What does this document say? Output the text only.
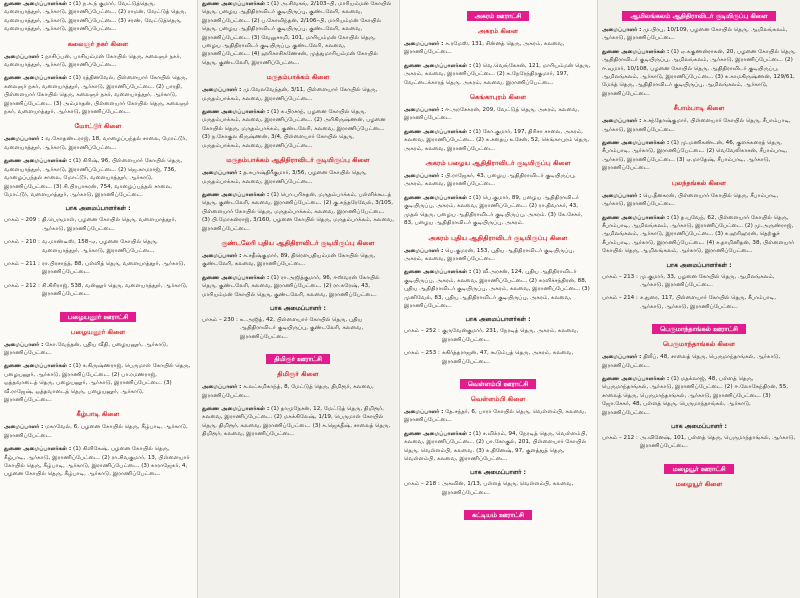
துணை அமைப்பாளர்கள் : (1) ந.க.ந் குமார், வேட்டுத்தெரு, வளையாத்தூர், ஆர்காடு, இராணிப்பேட்டை. (2) ராமன், வேட்டுத் தெரு, வளையாத்தூர், ஆர்காடு, இராணிப்பேட்டை. (3) சரண், வேட்டுத்தெரு, வளையாத்தூர், ஆர்காடு, இராணிப்பேட்டை.
கலைஞர் நகர் கிளை
அமைப்பாளர் : நாசிப்பன், பாசியம்மன் கோயில் தெரு, கலைஞர் நகர், வளையாத்தூர், ஆர்காடு, இராணிப்பேட்டை.
துணை அமைப்பாளர்கள் : (1) ரத்தினவேல், பிள்ளையார் கோயில் தெரு, கலைஞர் நகர், வளையாத்தூர், ஆர்காடு, இராணிப்பேட்டை. (2) பாரதி, பிள்ளையார் கோயில் தெரு, கலைஞர் நகர், வளையாத்தூர், ஆர்காடு, இராணிப்பேட்டை. (3) அம்மாதன், பிள்ளையார் கோயில் தெரு, கலைஞர் நகர், வளையாத்தூர், ஆர்காடு, இராணிப்பேட்டை.
மோட்டூர் கிளை
அமைப்பாளர் : வ.கோதண்டராஜ், 18, வாழைப்பந்தல் சாலை, மோட்டூர், வளையாத்தூர், ஆர்காடு, இராணிப்பேட்டை.
துணை அமைப்பாளர்கள் : (1) கிரிஷ், 96, பிள்ளையார் கோயில் தெரு, வளையாத்தூர், ஆர்காடு, இராணிப்பேட்டை. (2) ஜெ.காமராஜ், 736, வாழைப்பந்தல் சாலை, மோட்டூர், வளையாத்தூர், ஆர்காடு, இராணிப்பேட்டை. (3) சி.பிரபாகரன், 754, வாழைப்பந்தல் சாலை, மோட்டூர், வளையாத்தூர், ஆர்காடு, இராணிப்பேட்டை.
பாக அமைப்பாளர்கள் :
பாகம் – 209 : தி.பெருமாள், பழனை கோயில் தெரு, வளையாத்தூர், ஆர்காடு, இராணிப்பேட்டை.
பாகம் – 210 : வ.மாண்டீஸ், 158–ஏ, பழனை கோயில் தெரு, வளையாத்தூர், ஆர்காடு, இராணிப்பேட்டை.
பாகம் – 211 : ரா.பிரசாந்த், 88, பள்ளித் தெரு, வளையாத்தூர், ஆர்காடு, இராணிப்பேட்டை.
பாகம் – 212 : சி.கிரிராஜ், 538, வன்னூர் தெரு, வளையாத்தூர், ஆர்காடு, இராணிப்பேட்டை.
பழையனூர் ஊராட்சி
பழையனூர் கிளை
அமைப்பாளர் : கோ.வேந்தன், புதிய வீதி, பழையனூர், ஆர்காடு, இராணிப்பேட்டை.
துணை அமைப்பாளர்கள் : (1) ச.கிருஷ்ணராஜ், பெருமாள் கோயில் தெரு, பழையனூர், ஆர்காடு, இராணிப்பேட்டை. (2) பா.ரமணராஜ், ஒத்தவாடைத் தெரு, பழையனூர், ஆர்காடு, இராணிப்பேட்டை. (3) வீ.ராஜேஷ், ஒத்தவாடைத் தெரு, பழையனூர், ஆர்காடு, இராணிப்பேட்டை.
கீழ்பாடி கிளை
அமைப்பாளர் : மகாவேல், 6, பழனை கோயில் தெரு, கீழ்பாடி, ஆர்காடு, இராணிப்பேட்டை.
துணை அமைப்பாளர்கள் : (1) கிளிகேஷ், பழனை கோயில் தெரு, கீழ்பாடி, ஆர்காடு, இராணிப்பேட்டை. (2) ரா.சிவகுமார், 13, பிள்ளையார் கோயில் தெரு, கீழ்பாடி, ஆர்காடு, இராணிப்பேட்டை. (3) காராஜேகர், 4, பழனை கோயில் தெரு, கீழ்பாடி, ஆர்காடு, இராணிப்பேட்டை.
துணை அமைப்பாளர்கள் : (1) அ.சிவகங், 2/103–பி, மாரியம்மன் கோயில் தெரு, பழைய ஆதிதிராவிடர் குடியிருப்பு, குண்டலேரி, கலவை, இராணிப்பேட்டை. (2) ப.கோவிந்தன், 2/106–பி, மாரியம்மன் கோயில் தெரு, பழைய ஆதிதிராவிடர் குடியிருப்பு, குண்டலேரி, கலவை, இராணிப்பேட்டை. (3) வேலுசாமி, 101, மாரியம்மன் கோயில் தெரு, பழைய ஆதிதிராவிடர் குடியிருப்பு, குண்டலேரி, கலவை, இராணிப்பேட்டை. (4) ஹரிகாசிகணேசன், முத்துமாரியம்மன் கோயில் தெரு, குண்டலேரி, இராணிப்பேட்டை.
மருதம்பாக்கம் கிளை
அமைப்பாளர் : மு.வேலவேந்தன், 3/11, பிள்ளையார் கோயில் தெரு, மருதம்பாக்கம், கலவை, இராணிப்பேட்டை.
துணை அமைப்பாளர்கள் : (1) சு.பிரசாந், பழனை கோயில் தெரு, மருதம்பாக்கம், கலவை, இராணிப்பேட்டை. (2) அரிகிருஷ்ணன், பழனை கோயில் தெரு, மருதம்பாக்கம், குண்டலேரி, கலவை, இராணிப்பேட்டை. (3) ந.கோகுல கிருஷ்ணன், 3/4, பிள்ளையார் கோயில் தெரு, மருதம்பாக்கம், கலவை, இராணிப்பேட்டை.
மருதம்பாக்கம் ஆதிதிராவிடர் குடியிருப்பு கிளை
அமைப்பாளர் : த.சுபாஷ்திரீகுமார், 3/56, பழனை கோயில் தெரு, மருதம்பாக்கம், கலவை, இராணிப்பேட்டை.
துணை அமைப்பாளர்கள் : (1) பொ.பரிசுதன், மருதம்பாக்கம், பள்ளிக்கூடத் தெரு, குண்டலேரி, கலவை, இராணிப்பேட்டை. (2) கு.சுந்தரேவேல், 3/105, பிள்ளையார் கோயில் தெரு, மருதம்பாக்கம், கலவை, இராணிப்பேட்டை. (3) பி.மோகன்ராஜ், 3/160, பழனை கோயில் தெரு, மருதம்பாக்கம், கலவை, இராணிப்பேட்டை.
குண்டலேரி புதிய ஆதிதிராவிடர் குடியிருப்பு கிளை
அமைப்பாளர் : சு.சதீஷ்குமார், 89, திரௌபதியம்மன் கோயில் தெரு, குண்டலேரி, கலவை, இராணிப்பேட்டை.
துணை அமைப்பாளர்கள் : (1) ரா.அஜித்குமார், 96, ஈஸ்வரன் கோயில் தெரு, குண்டலேரி, கலவை, இராணிப்பேட்டை. (2) ரா.சுரேஷ், 43, மாரியம்மன் கோயில் தெரு, குண்டலேரி, கலவை, இராணிப்பேட்டை.
பாக அமைப்பாளர் :
பாகம் – 230 : உ.அஜித், 42, பிள்ளையார் கோயில் தெரு, புதிய ஆதிதிராவிடர் குடியிருப்பு, குண்டலேரி, கலவை, இராணிப்பேட்டை.
திமிரூர் ஊராட்சி
திமிரூர் கிளை
அமைப்பாளர் : க.லட்சுமிகாந்த், 8, மேட்டுத் தெரு, திமிரூர், கலவை, இராணிப்பேட்டை.
துணை அமைப்பாளர்கள் : (1) தாமுநேசன், 12, மேட்டுத் தெரு, திமிரூர், கலவை, இராணிப்பேட்டை. (2) மகக்கிலேஷ், 1/19, பெருமாள் கோயில் தெரு, திமிரூர், கலவை, இராணிப்பேட்டை. (3) சு.ஜெகதீஷ், சாலைத் தெரு, திமிரூர், கலவை, இராணிப்பேட்டை.
அகரம் ஊராட்சி
அகரம் கிளை
அமைப்பாளர் : சு.ரமேஸ், 131, சின்னத் தெரு, அகரம், கலவை, இராணிப்பேட்டை.
துணை அமைப்பாளர்கள் : (1) வெ.வெங்கேசன், 121, மாரியம்மன் தெரு, அகரம், கலவை, இராணிப்பேட்டை. (2) சு.நேரேந்திரகுமார், 197, வேட்டைக்காரத் தெரு, அகரம், கலவை, இராணிப்பேட்டை.
கெங்காபுரம் கிளை
அமைப்பாளர் : ஈ.அரசேகரன், 209, வேட்டுத் தெரு, அகரம், கலவை, இராணிப்பேட்டை.
துணை அமைப்பாளர்கள் : (1) கோ.குமார், 197, திரிசா சாலை, அகரம், கலவை, இராணிப்பேட்டை. (2) சு.சதைய் உசேன், 52, கெங்காபுரம் தெரு, அகரம், கலவை, இராணிப்பேட்டை.
அகரம் பழைய ஆதிதிராவிடர் குடியிருப்பு கிளை
அமைப்பாளர் : பி.ராஜேகர், 43, பழைய ஆதிதிராவிடர் குடியிருப்பு, அகரம், கலவை, இராணிப்பேட்டை.
துணை அமைப்பாளர்கள் : (1) பெ.குமார், 89, பழைய ஆதிதிராவிடர் குடியிருப்பு, அகரம், கலவை, இராணிப்பேட்டை. (2) ரா.திவாகர், 43, முதல் தெரு, பழைய ஆதிதிராவிடர் குடியிருப்பு, அகரம். (3) கே.சேகர், 83, பழைய ஆதிதிராவிடர் குடியிருப்பு, அகரம்.
அகரம் புதிய ஆதிதிராவிடர் குடியிருப்பு கிளை
அமைப்பாளர் : பெ.குமரன், 153, புதிய ஆதிதிராவிடர் குடியிருப்பு, அகரம், கலவை, இராணிப்பேட்டை.
துணை அமைப்பாளர்கள் : (1) வீ.அரசன், 124, புதிய ஆதிதிராவிடர் குடியிருப்பு, அகரம், கலவை, இராணிப்பேட்டை. (2) சுரளிச்சந்திரன், 88, புதிய ஆதிதிராவிடர் குடியிருப்பு, அகரம், கலவை, இராணிப்பேட்டை. (3) முனிவேல், 83, புதிய ஆதிதிராவிடர் குடியிருப்பு, அகரம், கலவை, இராணிப்பேட்டை.
பாக அமைப்பாளர்கள் :
பாகம் – 252 : குருவேன்குமார், 231, நேரடித் தெரு, அகரம், கலவை, இராணிப்பேட்டை.
பாகம் – 253 : சுகிர்த்தராஜன், 47, கூடும்புத் தெரு, அகரம், கலவை, இராணிப்பேட்டை.
வெள்ளம்பி ஊராட்சி
வெள்ளம்பி கிளை
அமைப்பாளர் : தே.சந்தர், 6, பாரா கோயில் தெரு, வெள்ளம்பி, கலவை, இராணிப்பேட்டை.
துணை அமைப்பாளர்கள் : (1) ச.விக்ரம், 94, நேரடித் தெரு, வெள்ளம்பி, கலவை, இராணிப்பேட்டை. (2) பா.கோகுல், 201, பிள்ளையார் கோயில் தெரு, வெள்ளம்பி, கலவை. (3) சு.தினேஷ், 97, குளத்துத் தெரு, வெள்ளம்பி, கலவை, இராணிப்பேட்டை.
பாக அமைப்பாளர் :
பாகம் – 218 : அசுவின், 1/13, பள்ளத் தெரு, வெள்ளம்பி, கலவை, இராணிப்பேட்டை.
கட்டியம் ஊராட்சி
ஆமிலங்கலம் ஆதிதிராவிடர் குடியிருப்பு கிளை
அமைப்பாளர் : மு.பிரபு, 10/109, பழனை கோயில் தெரு, ஆமிலங்கலம், ஆர்காடு, இராணிப்பேட்டை.
துணை அமைப்பாளர்கள் : (1) ஏ.சுகுணன்ராகன், 20, பழனை கோயில் தெரு, ஆதிதிராவிடர் குடியிருப்பு, ஆமிலங்கலம், ஆர்காடு, இராணிப்பேட்டை. (2) ஈ.வுமார், 10/108, பழனை கோயில் தெரு, ஆதிதிராவிடர் குடியிருப்பு, ஆமிலங்கலம், ஆர்காடு, இராணிப்பேட்டை. (3) சு.காமகிருஷ்ணன், 129/61, மேக்த் தெரு, ஆதிதிராவிடர் குடியிருப்பு, ஆமிலங்கலம், ஆர்காடு, இராணிப்பேட்டை.
சீபாம்பாடி கிளை
அமைப்பாளர் : ச.சந்தோஷ்குமார், பிள்ளையார் கோயில் தெரு, சீபாம்பாடி, ஆர்காடு, இராணிப்பேட்டை.
துணை அமைப்பாளர்கள் : (1) மு.மணிகண்டன், 46, குளக்கரைத் தெரு, சீபாம்பாடி, ஆர்காடு, இராணிப்பேட்டை. (2) வெவேலிகாசன், சீபாம்பாடி, ஆர்காடு, இராணிப்பேட்டை. (3) ஏ.மாதேஷ், சீபாம்பாடி, ஆர்காடு, இராணிப்பேட்டை.
புலந்தங்கல் கிளை
அமைப்பாளர் : பெ.தீனகரன், பிள்ளையார் கோயில் தெரு, சீபாம்பாடி, ஆர்காடு, இராணிப்பேட்டை.
துணை அமைப்பாளர்கள் : (1) த.யுவேந், 62, பிள்ளையார் கோயில் தெரு, சீபாம்பாடி, ஆமிலங்கலம், ஆர்காடு, இராணிப்பேட்டை. (2) மு.அருண்ராஜ், ஆமிலங்கலம், ஆர்காடு, இராணிப்பேட்டை. (3) சு.ஹரிஹரன், தெற்குச் சீபாம்பாடி, ஆர்காடு, இராணிப்பேட்டை. (4) ச.தாமினிதன், 38, பிள்ளையார் கோயில் தெரு, ஆமிலங்கலம், ஆர்காடு, இராணிப்பேட்டை.
பாக அமைப்பாளர்கள் :
பாகம் – 213 : மு.குமார், 33, பழனை கோயில் தெரு, ஆமிலங்கலம், ஆர்காடு, இராணிப்பேட்டை.
பாகம் – 214 : ச.துரை, 117, பிள்ளையார் கோயில் தெரு, சீபாம்பாடி, ஆர்காடு, ஆர்காடு, இராணிப்பேட்டை.
பெருமாந்தாங்கல் ஊராட்சி
பெருமாந்தாங்கல் கிளை
அமைப்பாளர் : திலீப், 48, சாலைத் தெரு, பெருமாந்தாங்கல், ஆர்காடு, இராணிப்பேட்டை.
துணை அமைப்பாளர்கள் : (1) மதக்லாஜ், 48, பள்ளத் தெரு, பெருமாந்தாங்கல், ஆர்காடு, இராணிப்பேட்டை. (2) ஈ.லோகேந்திரன், 55, சாலைத் தெரு, பெருமாந்தாங்கல், ஆர்காடு, இராணிப்பேட்டை. (3) ஜோ.சேகர், 48, பள்ளத் தெரு, பெருமாந்தாங்கல், ஆர்காடு, இராணிப்பேட்டை.
பாக அமைப்பாளர் :
பாகம் – 212 : அ.வினேஷ், 101, பள்ளத் தெரு, பெருமாந்தாங்கல், ஆர்காடு, இராணிப்பேட்டை.
மழையூர் ஊராட்சி
மழையூர் கிளை
